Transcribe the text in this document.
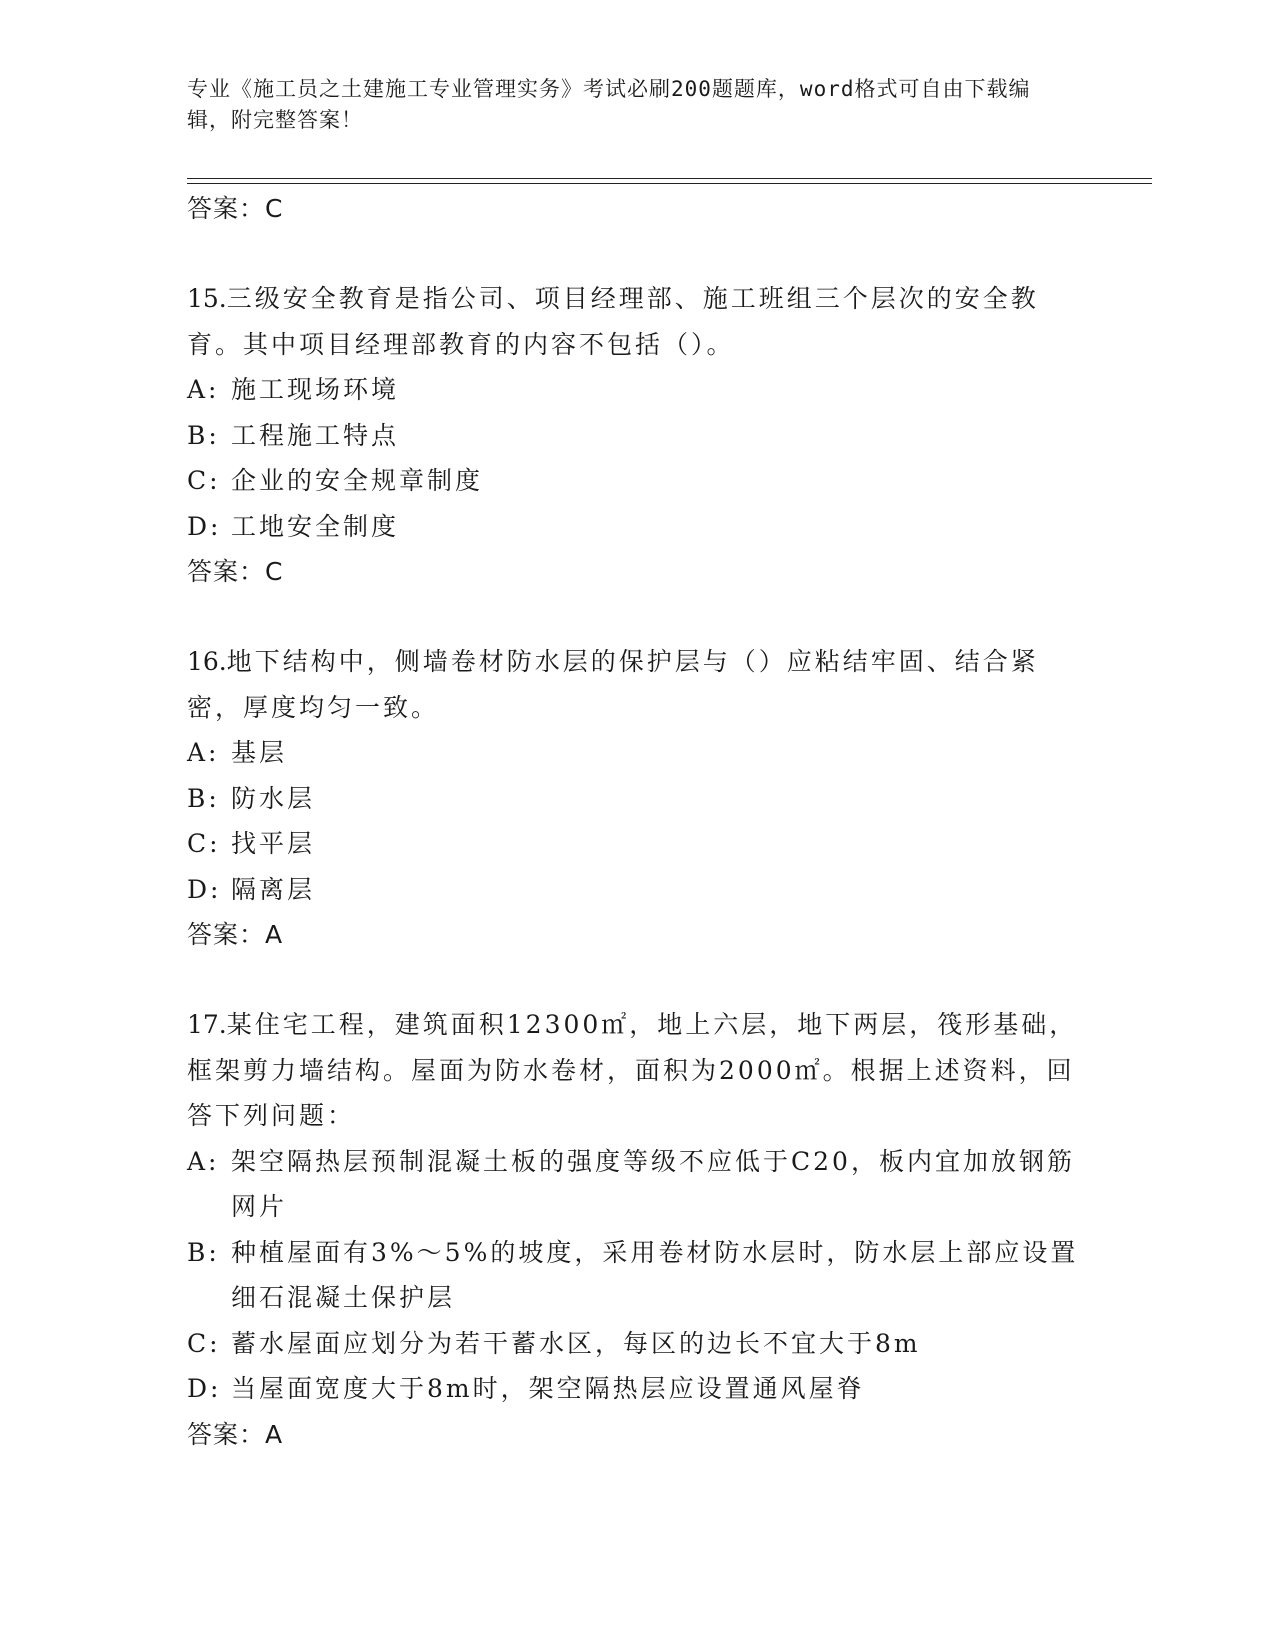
专业《施工员之土建施工专业管理实务》考试必刷200题题库，word格式可自由下载编辑，附完整答案！
答案：C
15.三级安全教育是指公司、项目经理部、施工班组三个层次的安全教育。其中项目经理部教育的内容不包括（）。
A: 施工现场环境
B: 工程施工特点
C: 企业的安全规章制度
D: 工地安全制度
答案：C
16.地下结构中，侧墙卷材防水层的保护层与（）应粘结牢固、结合紧密，厚度均匀一致。
A: 基层
B: 防水层
C: 找平层
D: 隔离层
答案：A
17.某住宅工程，建筑面积12300㎡，地上六层，地下两层，筏形基础，框架剪力墙结构。屋面为防水卷材，面积为2000㎡。根据上述资料，回答下列问题：
A: 架空隔热层预制混凝土板的强度等级不应低于C20，板内宜加放钢筋网片
B: 种植屋面有3%～5%的坡度，采用卷材防水层时，防水层上部应设置细石混凝土保护层
C: 蓄水屋面应划分为若干蓄水区，每区的边长不宜大于8m
D: 当屋面宽度大于8m时，架空隔热层应设置通风屋脊
答案：A
